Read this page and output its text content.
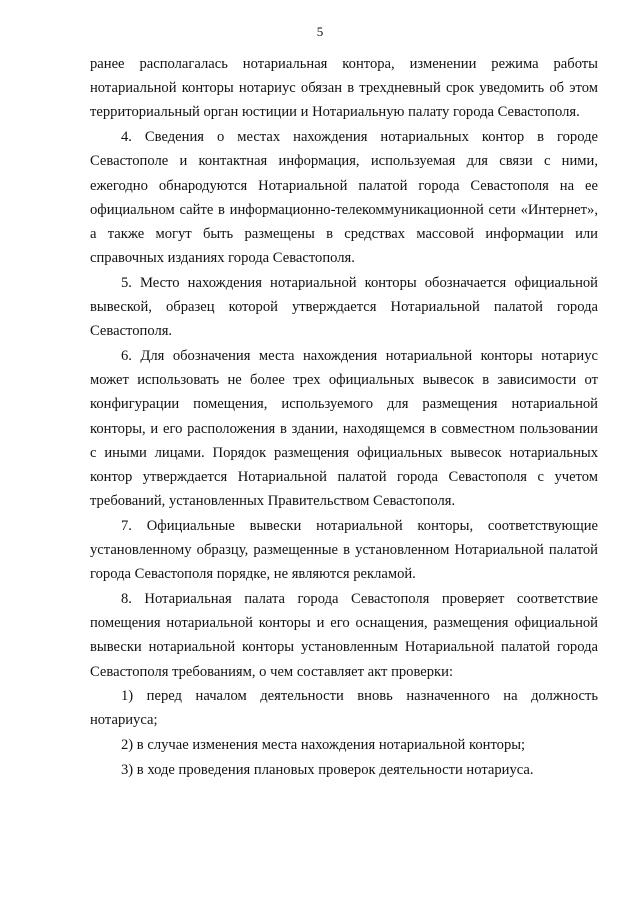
5

ранее располагалась нотариальная контора, изменении режима работы нотариальной конторы нотариус обязан в трехдневный срок уведомить об этом территориальный орган юстиции и Нотариальную палату города Севастополя.

4. Сведения о местах нахождения нотариальных контор в городе Севастополе и контактная информация, используемая для связи с ними, ежегодно обнародуются Нотариальной палатой города Севастополя на ее официальном сайте в информационно-телекоммуникационной сети «Интернет», а также могут быть размещены в средствах массовой информации или справочных изданиях города Севастополя.

5. Место нахождения нотариальной конторы обозначается официальной вывеской, образец которой утверждается Нотариальной палатой города Севастополя.

6. Для обозначения места нахождения нотариальной конторы нотариус может использовать не более трех официальных вывесок в зависимости от конфигурации помещения, используемого для размещения нотариальной конторы, и его расположения в здании, находящемся в совместном пользовании с иными лицами. Порядок размещения официальных вывесок нотариальных контор утверждается Нотариальной палатой города Севастополя с учетом требований, установленных Правительством Севастополя.

7. Официальные вывески нотариальной конторы, соответствующие установленному образцу, размещенные в установленном Нотариальной палатой города Севастополя порядке, не являются рекламой.

8. Нотариальная палата города Севастополя проверяет соответствие помещения нотариальной конторы и его оснащения, размещения официальной вывески нотариальной конторы установленным Нотариальной палатой города Севастополя требованиям, о чем составляет акт проверки:

1) перед началом деятельности вновь назначенного на должность нотариуса;

2) в случае изменения места нахождения нотариальной конторы;

3) в ходе проведения плановых проверок деятельности нотариуса.
